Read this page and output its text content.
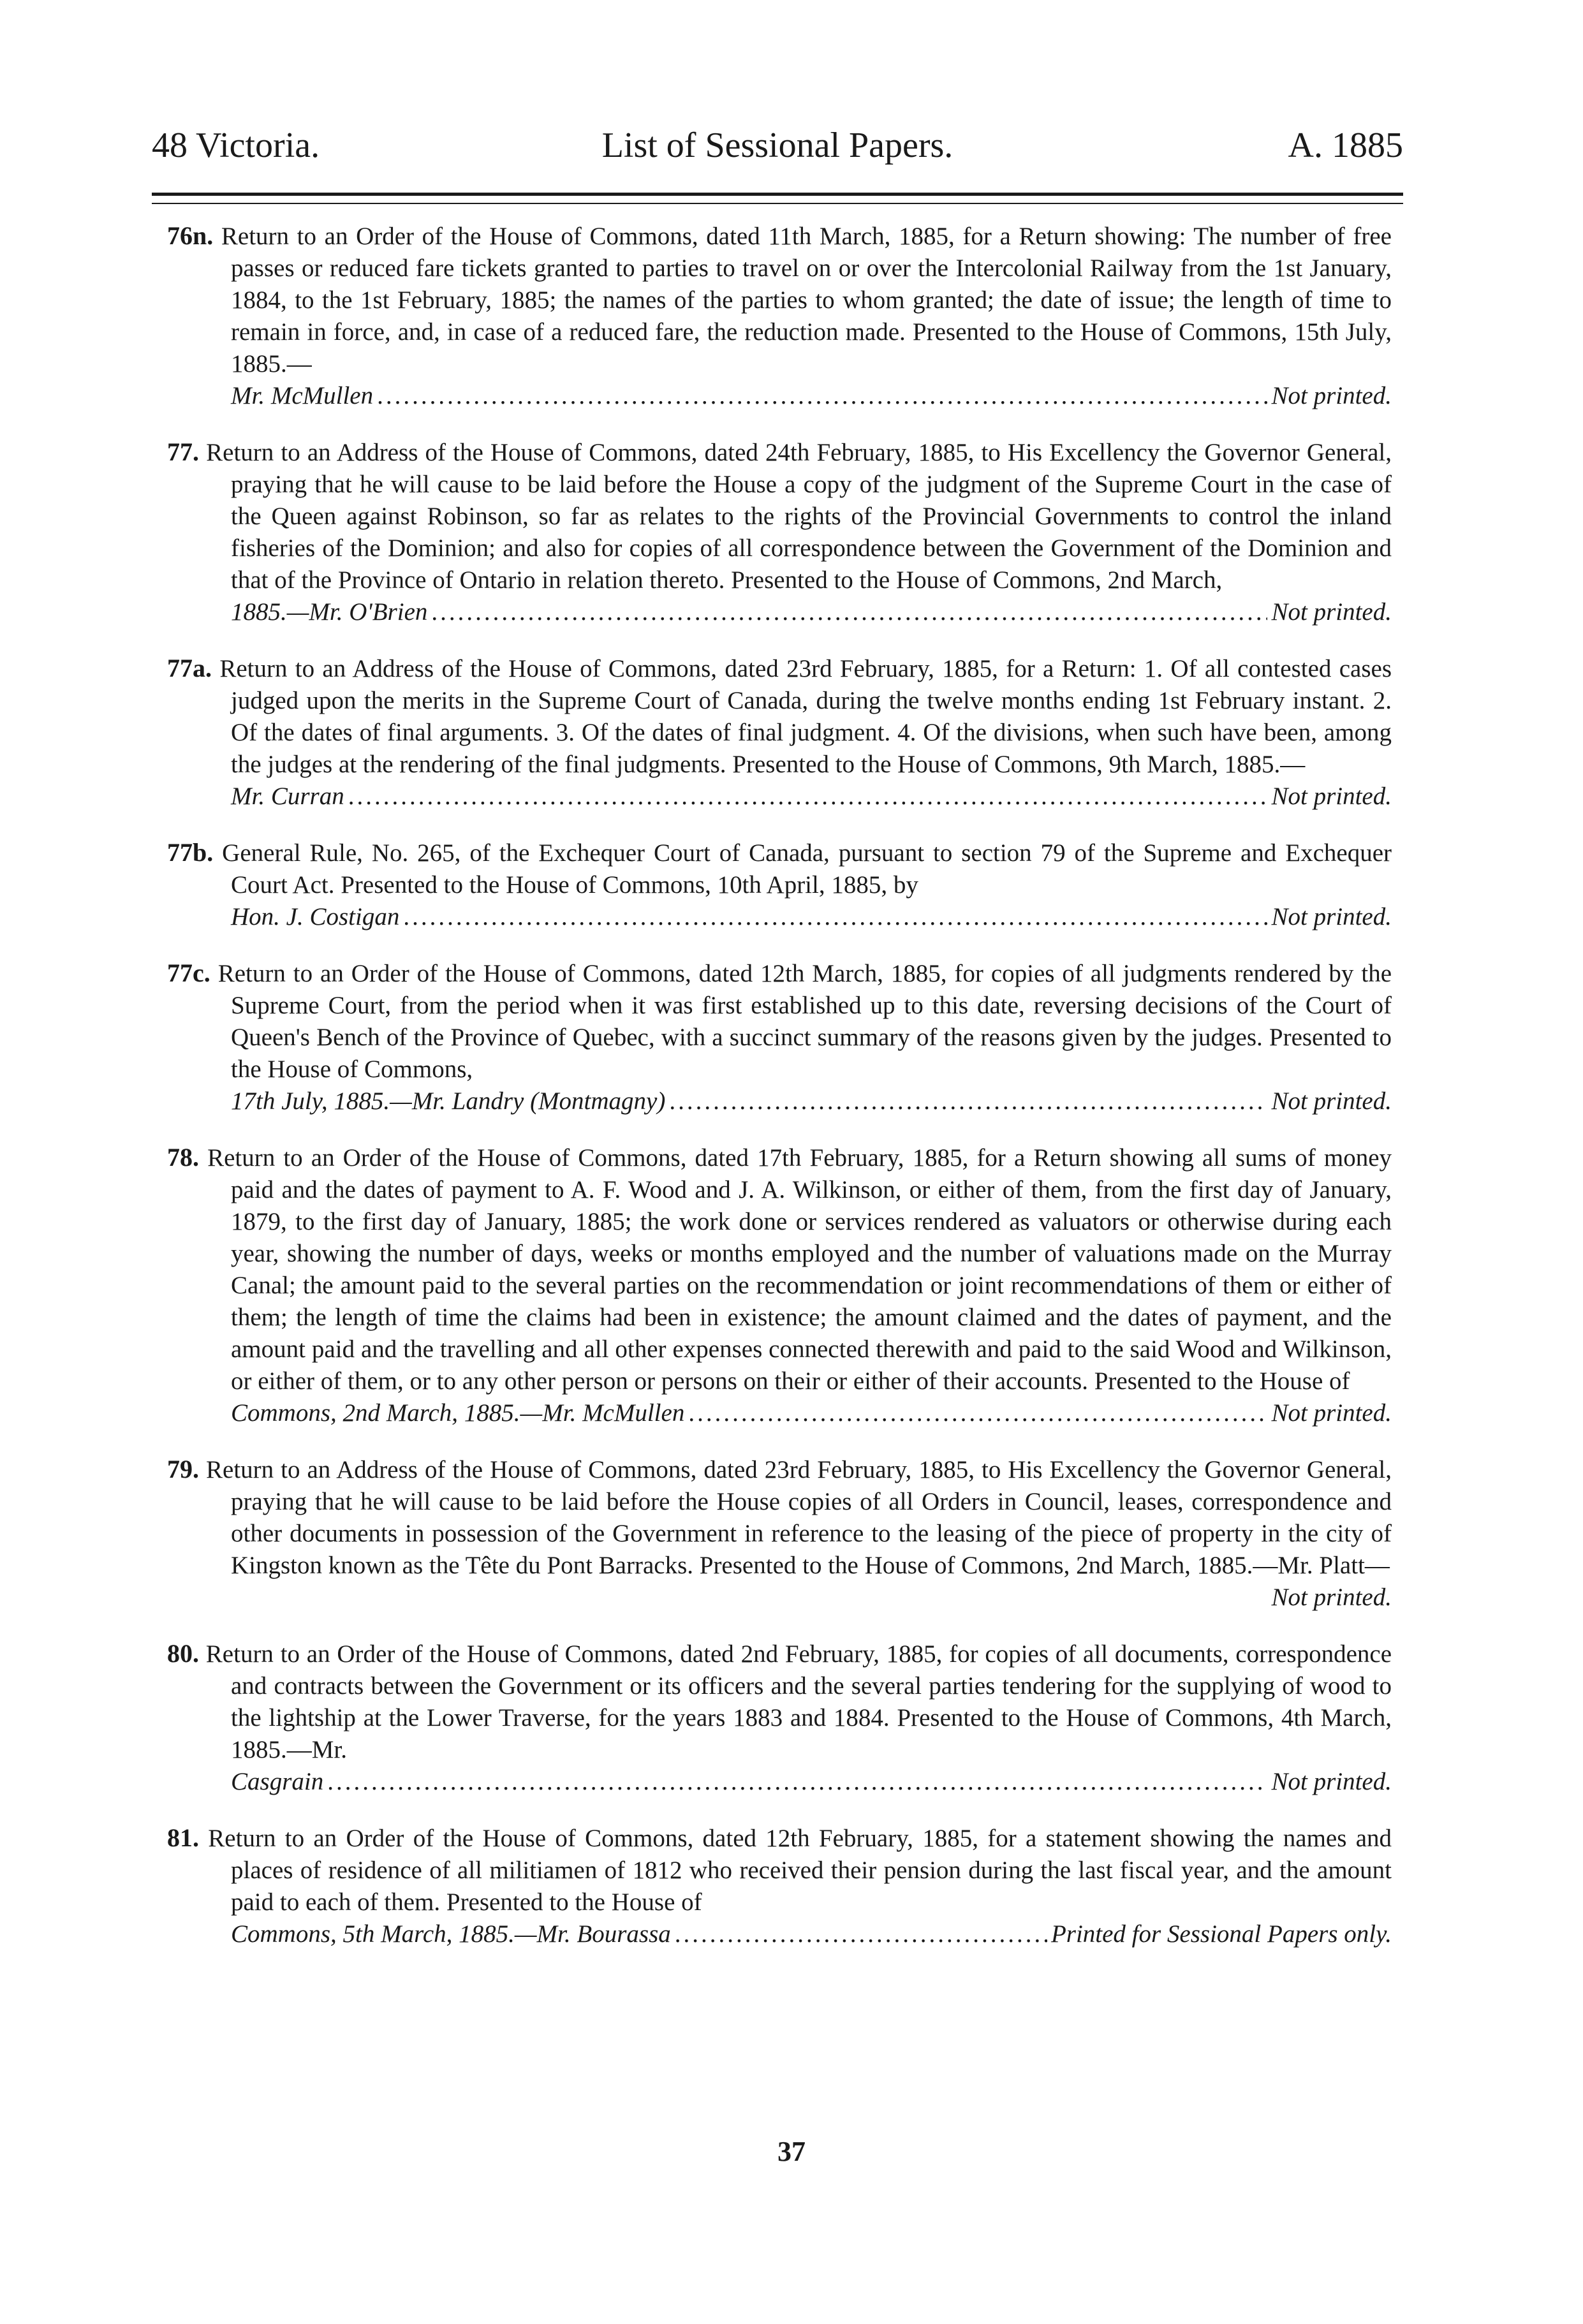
48 Victoria.	List of Sessional Papers.	A. 1885
76n. Return to an Order of the House of Commons, dated 11th March, 1885, for a Return showing: The number of free passes or reduced fare tickets granted to parties to travel on or over the Intercolonial Railway from the 1st January, 1884, to the 1st February, 1885; the names of the parties to whom granted; the date of issue; the length of time to remain in force, and, in case of a reduced fare, the reduction made. Presented to the House of Commons, 15th July, 1885.—
Mr. McMullen .....	Not printed.
77. Return to an Address of the House of Commons, dated 24th February, 1885, to His Excellency the Governor General, praying that he will cause to be laid before the House a copy of the judgment of the Supreme Court in the case of the Queen against Robinson, so far as relates to the rights of the Provincial Governments to control the inland fisheries of the Dominion; and also for copies of all correspondence between the Government of the Dominion and that of the Province of Ontario in relation thereto. Presented to the House of Commons, 2nd March,
1885.—Mr. O'Brien .....	Not printed.
77a. Return to an Address of the House of Commons, dated 23rd February, 1885, for a Return: 1. Of all contested cases judged upon the merits in the Supreme Court of Canada, during the twelve months ending 1st February instant. 2. Of the dates of final arguments. 3. Of the dates of final judgment. 4. Of the divisions, when such have been, among the judges at the rendering of the final judgments. Presented to the House of Commons, 9th March, 1885.—
Mr. Curran .....	Not printed.
77b. General Rule, No. 265, of the Exchequer Court of Canada, pursuant to section 79 of the Supreme and Exchequer Court Act. Presented to the House of Commons, 10th April, 1885, by
Hon. J. Costigan .....	Not printed.
77c. Return to an Order of the House of Commons, dated 12th March, 1885, for copies of all judgments rendered by the Supreme Court, from the period when it was first established up to this date, reversing decisions of the Court of Queen's Bench of the Province of Quebec, with a succinct summary of the reasons given by the judges. Presented to the House of Commons,
17th July, 1885.—Mr. Landry (Montmagny) .....	Not printed.
78. Return to an Order of the House of Commons, dated 17th February, 1885, for a Return showing all sums of money paid and the dates of payment to A. F. Wood and J. A. Wilkinson, or either of them, from the first day of January, 1879, to the first day of January, 1885; the work done or services rendered as valuators or otherwise during each year, showing the number of days, weeks or months employed and the number of valuations made on the Murray Canal; the amount paid to the several parties on the recommendation or joint recommendations of them or either of them; the length of time the claims had been in existence; the amount claimed and the dates of payment, and the amount paid and the travelling and all other expenses connected therewith and paid to the said Wood and Wilkinson, or either of them, or to any other person or persons on their or either of their accounts. Presented to the House of
Commons, 2nd March, 1885.—Mr. McMullen .....	Not printed.
79. Return to an Address of the House of Commons, dated 23rd February, 1885, to His Excellency the Governor General, praying that he will cause to be laid before the House copies of all Orders in Council, leases, correspondence and other documents in possession of the Government in reference to the leasing of the piece of property in the city of Kingston known as the Tête du Pont Barracks. Presented to the House of Commons, 2nd March, 1885.—Mr. Platt—
Not printed.
80. Return to an Order of the House of Commons, dated 2nd February, 1885, for copies of all documents, correspondence and contracts between the Government or its officers and the several parties tendering for the supplying of wood to the lightship at the Lower Traverse, for the years 1883 and 1884. Presented to the House of Commons, 4th March, 1885.—Mr.
Casgrain .....	Not printed.
81. Return to an Order of the House of Commons, dated 12th February, 1885, for a statement showing the names and places of residence of all militiamen of 1812 who received their pension during the last fiscal year, and the amount paid to each of them. Presented to the House of
Commons, 5th March, 1885.—Mr. Bourassa .....	Printed for Sessional Papers only.
37
